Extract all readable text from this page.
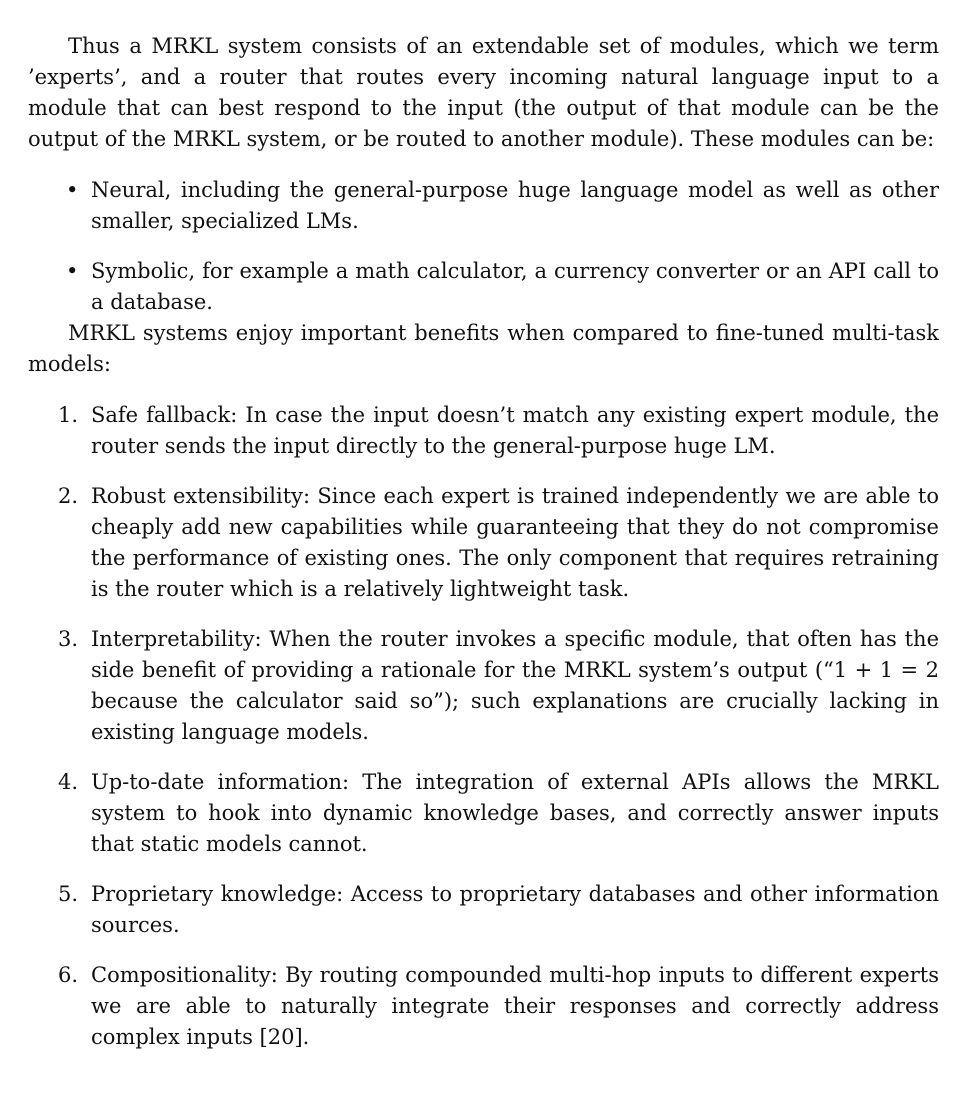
Thus a MRKL system consists of an extendable set of modules, which we term ’experts’, and a router that routes every incoming natural language input to a module that can best respond to the input (the output of that module can be the output of the MRKL system, or be routed to another module). These modules can be:

• Neural, including the general-purpose huge language model as well as other smaller, specialized LMs.
• Symbolic, for example a math calculator, a currency converter or an API call to a database.

MRKL systems enjoy important benefits when compared to fine-tuned multi-task models:

1. Safe fallback: In case the input doesn’t match any existing expert module, the router sends the input directly to the general-purpose huge LM.
2. Robust extensibility: Since each expert is trained independently we are able to cheaply add new capabilities while guaranteeing that they do not compromise the performance of existing ones. The only component that requires retraining is the router which is a relatively lightweight task.
3. Interpretability: When the router invokes a specific module, that often has the side benefit of providing a rationale for the MRKL system’s output (“1 + 1 = 2 because the calculator said so”); such explanations are crucially lacking in existing language models.
4. Up-to-date information: The integration of external APIs allows the MRKL system to hook into dynamic knowledge bases, and correctly answer inputs that static models cannot.
5. Proprietary knowledge: Access to proprietary databases and other information sources.
6. Compositionality: By routing compounded multi-hop inputs to different experts we are able to naturally integrate their responses and correctly address complex inputs [20].
